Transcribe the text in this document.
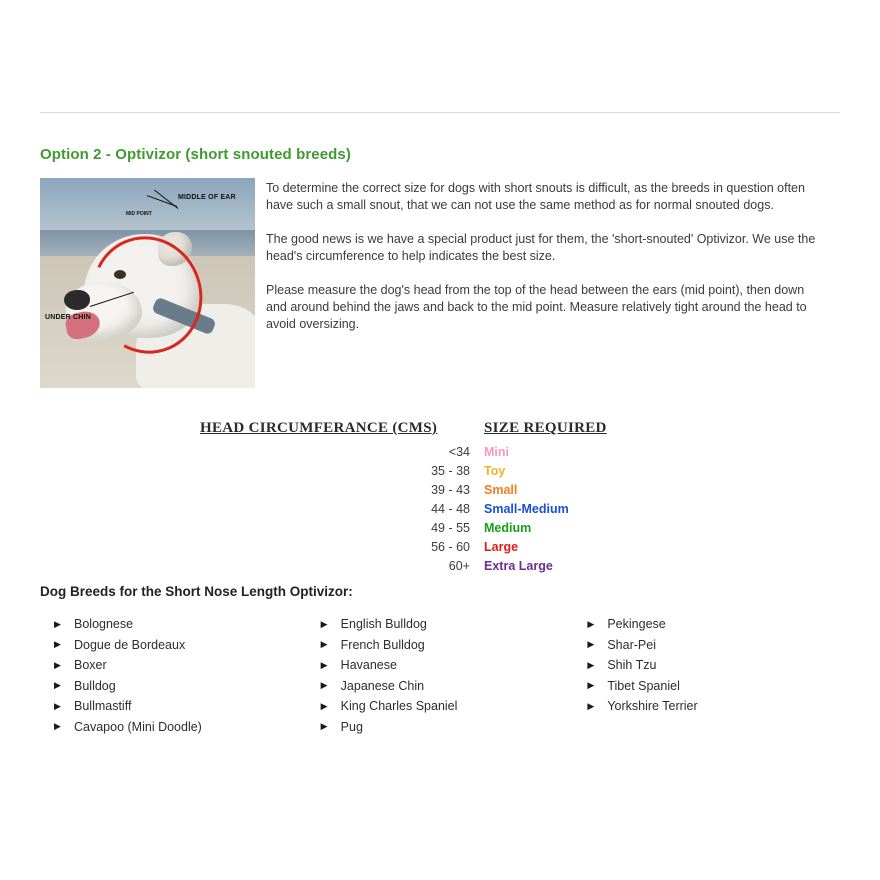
Option 2 - Optivizor (short snouted breeds)
MID POINT
MIDDLE OF EAR
UNDER CHIN

To determine the correct size for dogs with short snouts is difficult, as the breeds in question often have such a small snout, that we can not use the same method as for normal snouted dogs.

The good news is we have a special product just for them, the 'short-snouted' Optivizor. We use the head's circumference to help indicates the best size.

Please measure the dog's head from the top of the head between the ears (mid point), then down and around behind the jaws and back to the mid point. Measure relatively tight around the head to avoid oversizing.

HEAD CIRCUMFERANCE (CMS)	SIZE REQUIRED
<34	Mini
35 - 38	Toy
39 - 43	Small
44 - 48	Small-Medium
49 - 55	Medium
56 - 60	Large
60+	Extra Large
Dog Breeds for the Short Nose Length Optivizor:
▶	Bolognese
▶	Dogue de Bordeaux
▶	Boxer
▶	Bulldog
▶	Bullmastiff
▶	Cavapoo (Mini Doodle)
▶	English Bulldog
▶	French Bulldog
▶	Havanese
▶	Japanese Chin
▶	King Charles Spaniel
▶	Pug
▶	Pekingese
▶	Shar-Pei
▶	Shih Tzu
▶	Tibet Spaniel
▶	Yorkshire Terrier
